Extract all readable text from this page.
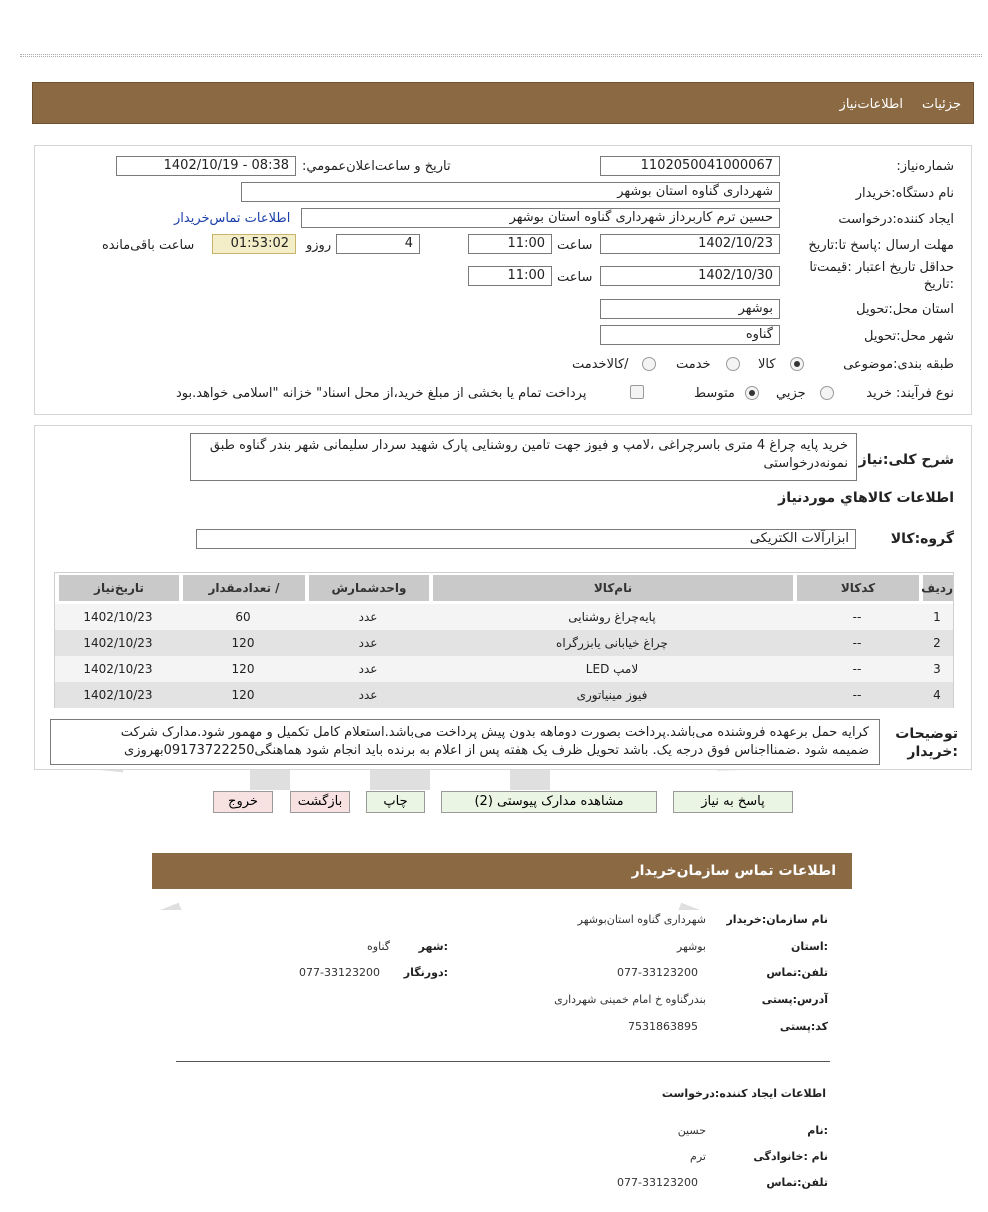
جزئیات
اطلاعات‌نیاز
شماره‌نیاز:
1102050041000067
تاریخ و ساعت‌اعلان‌عمومي:
1402/10/19 - 08:38
نام دستگاه:خریدار
شهرداری گناوه استان بوشهر
ایجاد کننده:درخواست
حسین ترم کاربرداز شهرداری گناوه استان بوشهر
اطلاعات تماس‌خریدار
مهلت ارسال :پاسخ تا:تاریخ
1402/10/23
ساعت
11:00
4
روزو
01:53:02
ساعت باقی‌مانده
حداقل تاریخ اعتبار :قیمت‌تا
:تاریخ
1402/10/30
ساعت
11:00
استان محل:تحویل
بوشهر
شهر محل:تحویل
گناوه
طبقه بندی:موضوعی
کالا
خدمت
/کالاخدمت
نوع فرآیند: خرید
جزیي
متوسط
پرداخت تمام یا بخشی از مبلغ خرید،از محل اسناد" خزانه "اسلامی خواهد.بود
شرح کلی:نیاز
خرید پایه چراغ 4 متری باسرچراغی ،لامپ و فیوز جهت تامین روشنایی پارک شهید سردار سلیمانی شهر بندر گناوه طبق نمونه‌درخواستی
اطلاعات کالاهاي موردنیاز
گروه:کالا
ابزارآلات الکتریکی
ردیف
کدکالا
نام‌کالا
واحدشمارش
/ تعدادمقدار
تاریخ‌نیاز
1
--
پایه‌چراغ روشنایی
عدد
60
1402/10/23
2
--
چراغ خیابانی یابزرگراه
عدد
120
1402/10/23
3
--
لامپ LED
عدد
120
1402/10/23
4
--
فیوز مینیاتوری
عدد
120
1402/10/23
توضیحات
:خریدار
کرایه حمل برعهده فروشنده می‌باشد.پرداخت بصورت دوماهه بدون پیش پرداخت می‌باشد.استعلام کامل تکمیل و مهمور شود.مدارک شرکت
ضمیمه شود .ضمنااجناس فوق درجه یک. باشد تحویل ظرف یک هفته پس از اعلام به برنده باید انجام شود هماهنگی09173722250بهروزی
پاسخ به نیاز
مشاهده مدارک پیوستی (2)
چاپ
بازگشت
خروج
اطلاعات تماس سازمان‌خریدار
نام سازمان:خریدار
شهرداری گناوه استان‌بوشهر
:استان
بوشهر
:شهر
گناوه
تلفن:تماس
077-33123200
:دورنگار
077-33123200
آدرس:پستی
بندرگناوه خ امام خمینی شهرداری
کد:پستی
7531863895
اطلاعات ایجاد کننده:درخواست
:نام
حسین
نام :خانوادگی
ترم
تلفن:تماس
077-33123200
